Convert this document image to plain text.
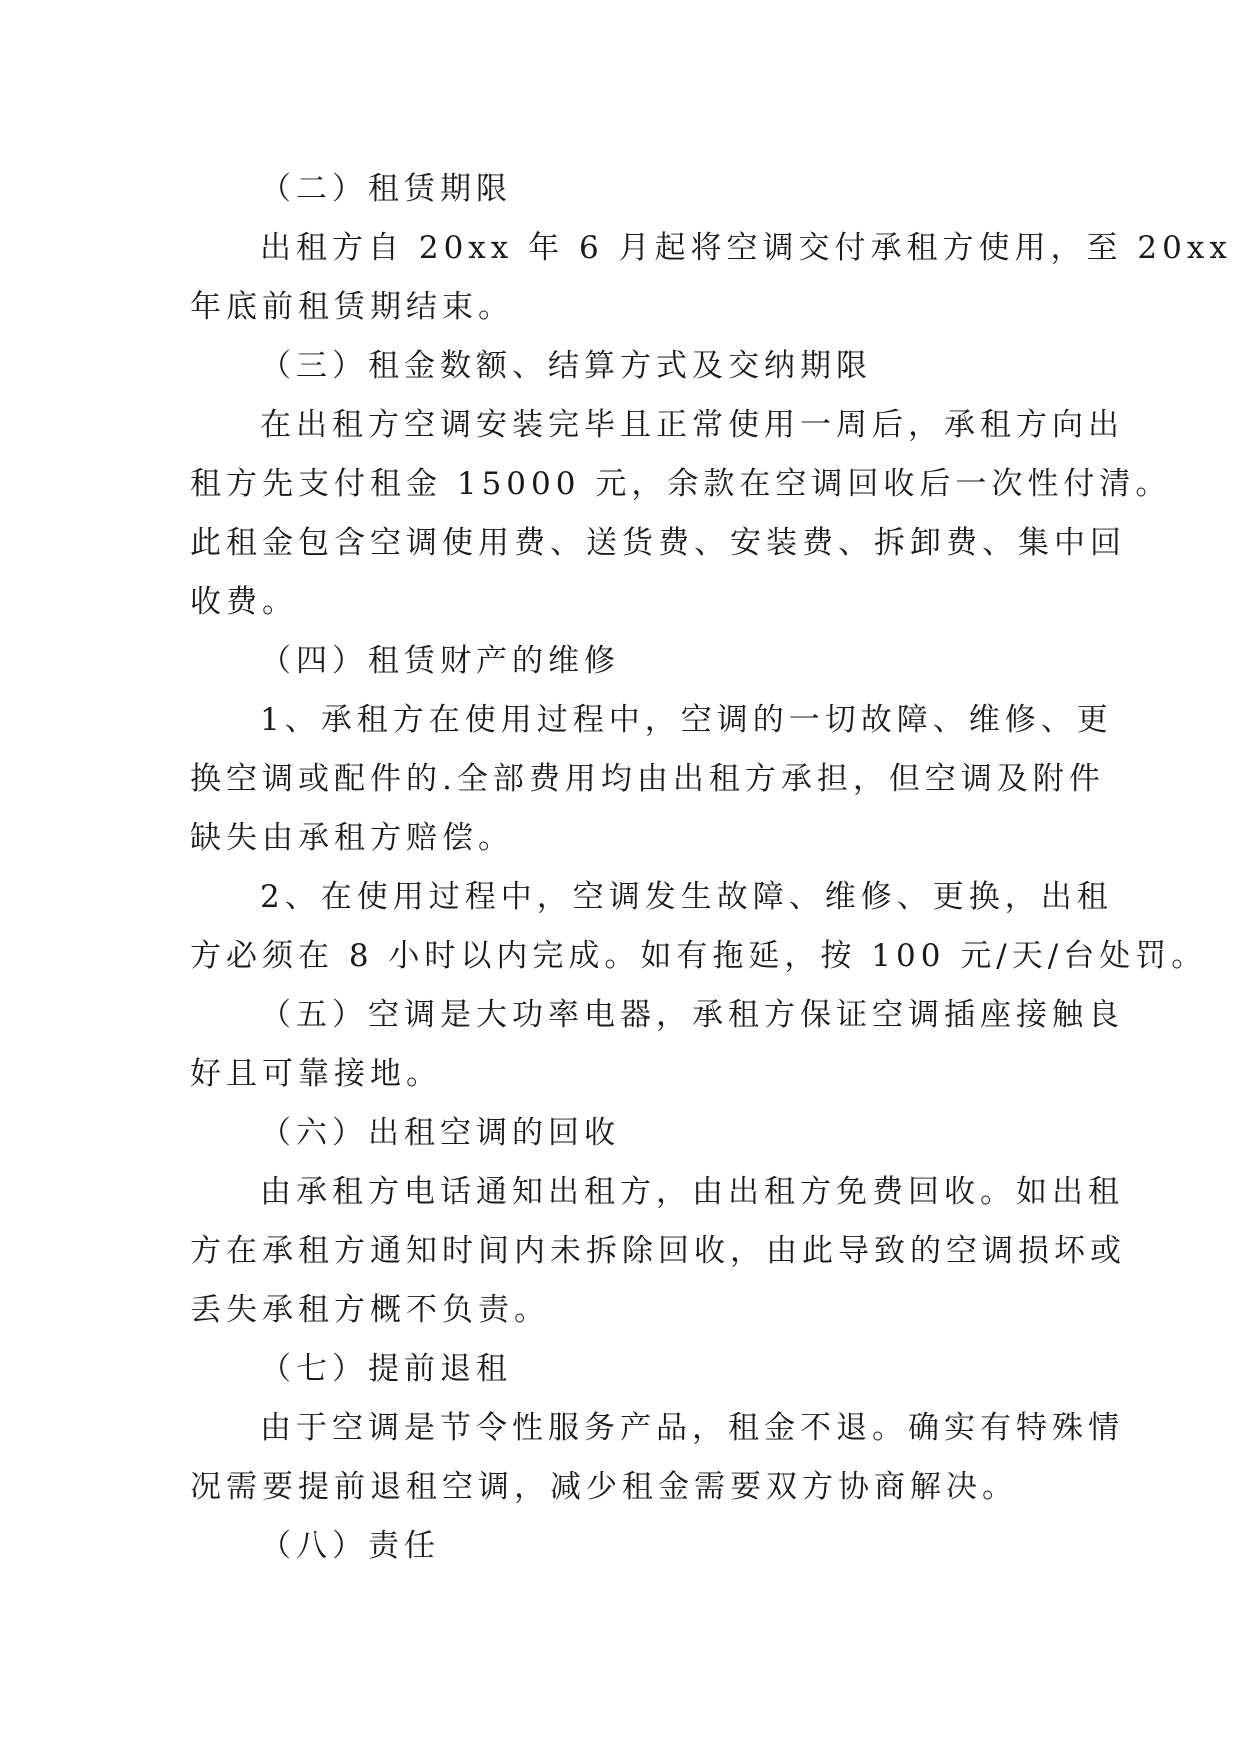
（二）租赁期限
出租方自 20xx 年 6 月起将空调交付承租方使用，至 20xx
年底前租赁期结束。
（三）租金数额、结算方式及交纳期限
在出租方空调安装完毕且正常使用一周后，承租方向出
租方先支付租金 15000 元，余款在空调回收后一次性付清。
此租金包含空调使用费、送货费、安装费、拆卸费、集中回
收费。
（四）租赁财产的维修
1、承租方在使用过程中，空调的一切故障、维修、更
换空调或配件的.全部费用均由出租方承担，但空调及附件
缺失由承租方赔偿。
2、在使用过程中，空调发生故障、维修、更换，出租
方必须在 8 小时以内完成。如有拖延，按 100 元/天/台处罚。
（五）空调是大功率电器，承租方保证空调插座接触良
好且可靠接地。
（六）出租空调的回收
由承租方电话通知出租方，由出租方免费回收。如出租
方在承租方通知时间内未拆除回收，由此导致的空调损坏或
丢失承租方概不负责。
（七）提前退租
由于空调是节令性服务产品，租金不退。确实有特殊情
况需要提前退租空调，减少租金需要双方协商解决。
（八）责任
